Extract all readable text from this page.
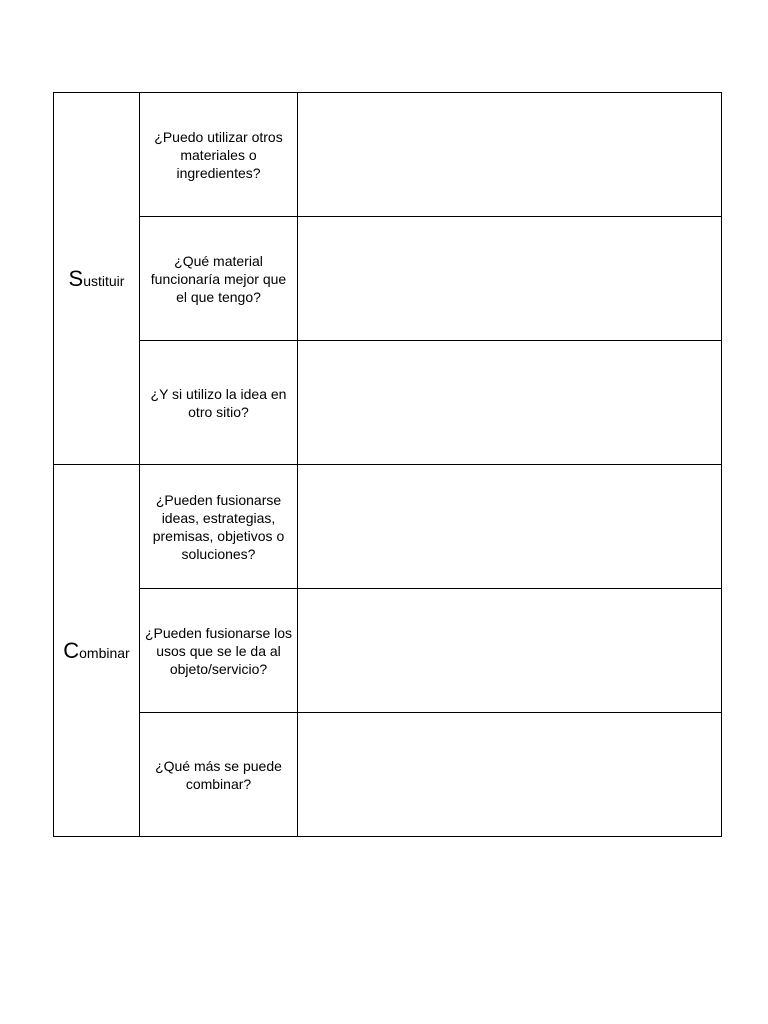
Sustituir	¿Puedo utilizar otros materiales o ingredientes?	
	¿Qué material funcionaría mejor que el que tengo?	
	¿Y si utilizo la idea en otro sitio?	
Combinar	¿Pueden fusionarse ideas, estrategias, premisas, objetivos o soluciones?	
	¿Pueden fusionarse los usos que se le da al objeto/servicio?	
	¿Qué más se puede combinar?	
